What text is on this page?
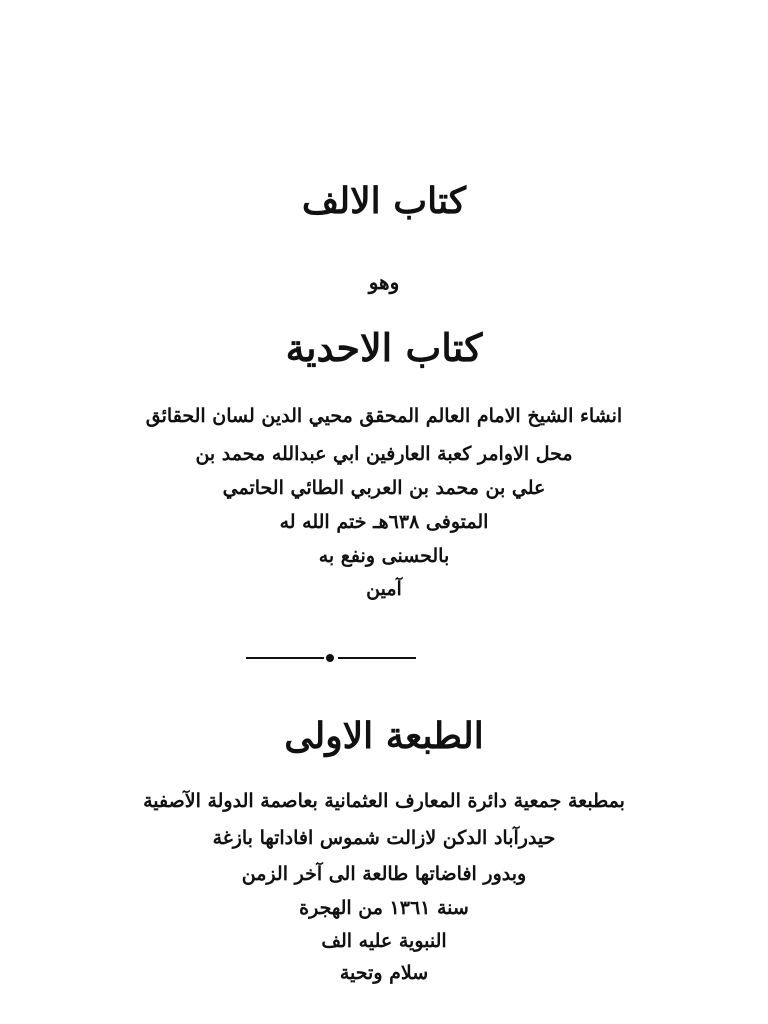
كتاب الالف
وهو
كتاب الاحدية
انشاء الشيخ الامام العالم المحقق محيي الدين لسان الحقائق
محل الاوامر كعبة العارفين ابي عبدالله محمد بن
علي بن محمد بن العربي الطائي الحاتمي
المتوفى ٦٣٨هـ ختم الله له
بالحسنى ونفع به
آمين
الطبعة الاولى
بمطبعة جمعية دائرة المعارف العثمانية بعاصمة الدولة الآصفية
حيدرآباد الدكن لازالت شموس افاداتها بازغة
وبدور افاضاتها طالعة الى آخر الزمن
سنة ١٣٦١ من الهجرة
النبوية عليه الف
سلام وتحية
